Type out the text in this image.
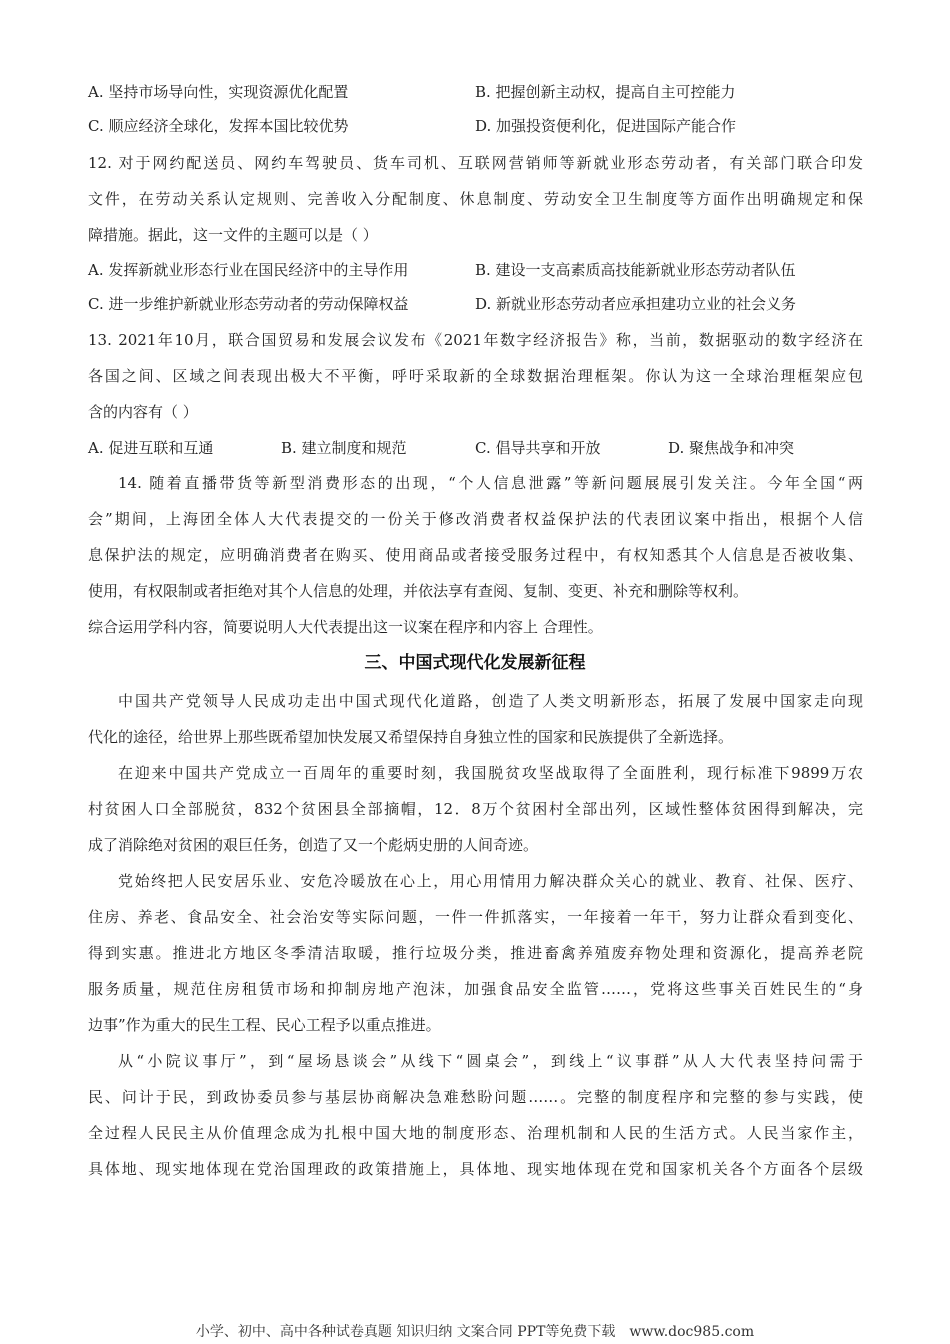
A. 坚持市场导向性，实现资源优化配置	B. 把握创新主动权，提高自主可控能力
C. 顺应经济全球化，发挥本国比较优势	D. 加强投资便利化，促进国际产能合作
12. 对于网约配送员、网约车驾驶员、货车司机、互联网营销师等新就业形态劳动者，有关部门联合印发
文件，在劳动关系认定规则、完善收入分配制度、休息制度、劳动安全卫生制度等方面作出明确规定和保
障措施。据此，这一文件的主题可以是（ ）
A. 发挥新就业形态行业在国民经济中的主导作用	B. 建设一支高素质高技能新就业形态劳动者队伍
C. 进一步维护新就业形态劳动者的劳动保障权益	D. 新就业形态劳动者应承担建功立业的社会义务
13. 2021年10月，联合国贸易和发展会议发布《2021年数字经济报告》称，当前，数据驱动的数字经济在
各国之间、区域之间表现出极大不平衡，呼吁采取新的全球数据治理框架。你认为这一全球治理框架应包
含的内容有（ ）
A. 促进互联和互通	B. 建立制度和规范	C. 倡导共享和开放	D. 聚焦战争和冲突
14. 随着直播带货等新型消费形态的出现，“个人信息泄露”等新问题展展引发关注。今年全国“两
会”期间，上海团全体人大代表提交的一份关于修改消费者权益保护法的代表团议案中指出，根据个人信
息保护法的规定，应明确消费者在购买、使用商品或者接受服务过程中，有权知悉其个人信息是否被收集、
使用，有权限制或者拒绝对其个人信息的处理，并依法享有查阅、复制、变更、补充和删除等权利。
综合运用学科内容，简要说明人大代表提出这一议案在程序和内容上 合理性。
三、中国式现代化发展新征程
中国共产党领导人民成功走出中国式现代化道路，创造了人类文明新形态，拓展了发展中国家走向现
代化的途径，给世界上那些既希望加快发展又希望保持自身独立性的国家和民族提供了全新选择。
在迎来中国共产党成立一百周年的重要时刻，我国脱贫攻坚战取得了全面胜利，现行标准下9899万农
村贫困人口全部脱贫，832个贫困县全部摘帽，12．8万个贫困村全部出列，区域性整体贫困得到解决，完
成了消除绝对贫困的艰巨任务，创造了又一个彪炳史册的人间奇迹。
党始终把人民安居乐业、安危冷暖放在心上，用心用情用力解决群众关心的就业、教育、社保、医疗、
住房、养老、食品安全、社会治安等实际问题，一件一件抓落实，一年接着一年干，努力让群众看到变化、
得到实惠。推进北方地区冬季清洁取暖，推行垃圾分类，推进畜禽养殖废弃物处理和资源化，提高养老院
服务质量，规范住房租赁市场和抑制房地产泡沫，加强食品安全监管……，党将这些事关百姓民生的“身
边事”作为重大的民生工程、民心工程予以重点推进。
从“小院议事厅”，到“屋场恳谈会”从线下“圆桌会”，到线上“议事群”从人大代表坚持问需于
民、问计于民，到政协委员参与基层协商解决急难愁盼问题……。完整的制度程序和完整的参与实践，使
全过程人民民主从价值理念成为扎根中国大地的制度形态、治理机制和人民的生活方式。人民当家作主，
具体地、现实地体现在党治国理政的政策措施上，具体地、现实地体现在党和国家机关各个方面各个层级
小学、初中、高中各种试卷真题 知识归纳 文案合同 PPT等免费下载 www.doc985.com
